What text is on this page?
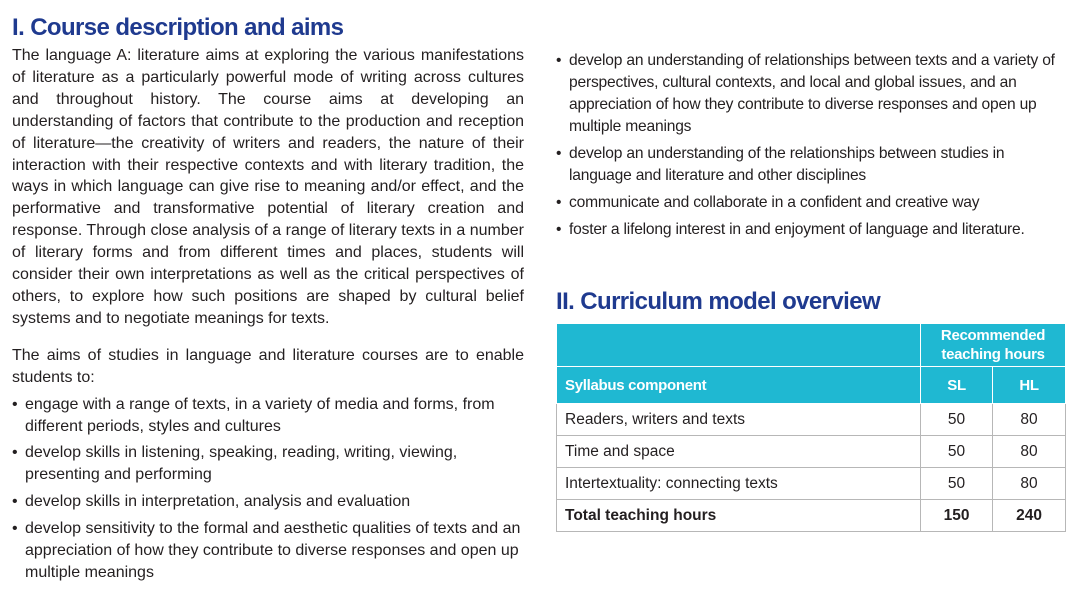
I. Course description and aims

The language A: literature aims at exploring the various manifestations of literature as a particularly powerful mode of writing across cultures and throughout history. The course aims at developing an understanding of factors that contribute to the production and reception of literature—the creativity of writers and readers, the nature of their interaction with their respective contexts and with literary tradition, the ways in which language can give rise to meaning and/or effect, and the performative and transformative potential of literary creation and response. Through close analysis of a range of literary texts in a number of literary forms and from different times and places, students will consider their own interpretations as well as the critical perspectives of others, to explore how such positions are shaped by cultural belief systems and to negotiate meanings for texts.

The aims of studies in language and literature courses are to enable students to:

• engage with a range of texts, in a variety of media and forms, from different periods, styles and cultures
• develop skills in listening, speaking, reading, writing, viewing, presenting and performing
• develop skills in interpretation, analysis and evaluation
• develop sensitivity to the formal and aesthetic qualities of texts and an appreciation of how they contribute to diverse responses and open up multiple meanings
• develop an understanding of relationships between texts and a variety of perspectives, cultural contexts, and local and global issues, and an appreciation of how they contribute to diverse responses and open up multiple meanings
• develop an understanding of the relationships between studies in language and literature and other disciplines
• communicate and collaborate in a confident and creative way
• foster a lifelong interest in and enjoyment of language and literature.
II. Curriculum model overview
	Recommended teaching hours	
Syllabus component	SL	HL
Readers, writers and texts	50	80
Time and space	50	80
Intertextuality: connecting texts	50	80
Total teaching hours	150	240
